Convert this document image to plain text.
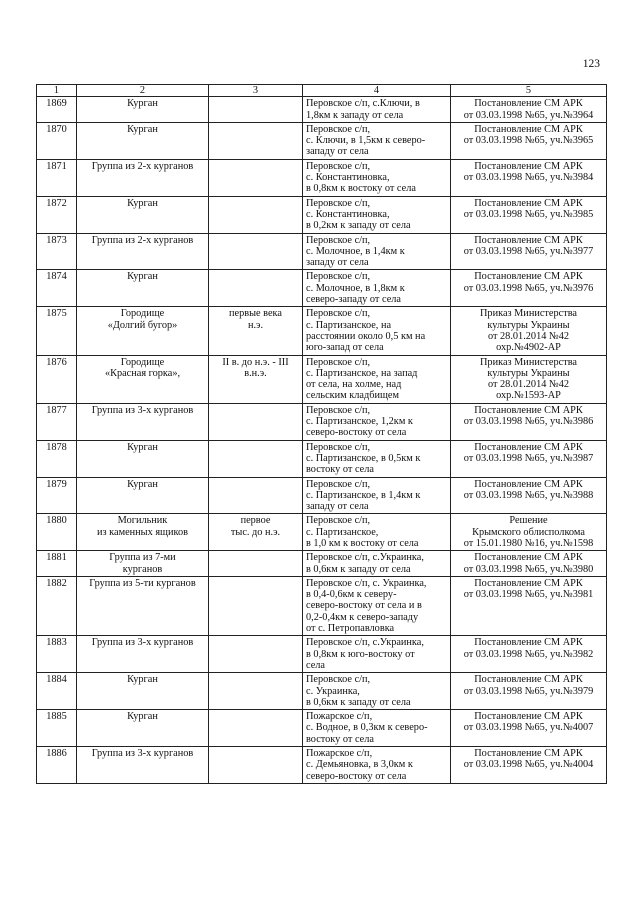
123
1	2	3	4	5
1869	Курган		Перовское с/п, с.Ключи, в
1,8км к западу от села	Постановление СМ АРК
от 03.03.1998 №65, уч.№3964

1870	Курган		Перовское с/п,
с. Ключи, в 1,5км к северо-
западу от села	Постановление СМ АРК
от 03.03.1998 №65, уч.№3965

1871	Группа из 2-х курганов		Перовское с/п,
с. Константиновка,
в 0,8км к востоку от села	Постановление СМ АРК
от 03.03.1998 №65, уч.№3984

1872	Курган		Перовское с/п,
с. Константиновка,
в 0,2км к западу от села	Постановление СМ АРК
от 03.03.1998 №65, уч.№3985

1873	Группа из 2-х курганов		Перовское с/п,
с. Молочное, в 1,4км к
западу от села	Постановление СМ АРК
от 03.03.1998 №65, уч.№3977

1874	Курган		Перовское с/п,
с. Молочное, в 1,8км к
северо-западу от села	Постановление СМ АРК
от 03.03.1998 №65, уч.№3976

1875	Городище
«Долгий бугор»	первые века
н.э.	Перовское с/п,
с. Партизанское, на
расстоянии около 0,5 км на
юго-запад от села	Приказ Министерства
культуры Украины
от 28.01.2014 №42
охр.№4902-АР

1876	Городище
«Красная горка»,	II в. до н.э. - III
в.н.э.	Перовское с/п,
с. Партизанское, на запад
от села, на холме, над
сельским кладбищем	Приказ Министерства
культуры Украины
от 28.01.2014 №42
охр.№1593-АР

1877	Группа из 3-х курганов		Перовское с/п,
с. Партизанское, 1,2км к
северо-востоку от села	Постановление СМ АРК
от 03.03.1998 №65, уч.№3986

1878	Курган		Перовское с/п,
с. Партизанское, в 0,5км к
востоку от села	Постановление СМ АРК
от 03.03.1998 №65, уч.№3987

1879	Курган		Перовское с/п,
с. Партизанское, в 1,4км к
западу от села	Постановление СМ АРК
от 03.03.1998 №65, уч.№3988

1880	Могильник
из каменных ящиков	первое
тыс. до н.э.	Перовское с/п,
с. Партизанское,
в 1,0 км к востоку от села	Решение
Крымского облисполкома
от 15.01.1980 №16, уч.№1598

1881	Группа из 7-ми
курганов		Перовское с/п, с.Украинка,
в 0,6км к западу от села	Постановление СМ АРК
от 03.03.1998 №65, уч.№3980

1882	Группа из 5-ти курганов		Перовское с/п, с. Украинка,
в 0,4-0,6км к северу-
северо-востоку от села и в
0,2-0,4км к северо-западу
от с. Петропавловка	Постановление СМ АРК
от 03.03.1998 №65, уч.№3981

1883	Группа из 3-х курганов		Перовское с/п, с.Украинка,
в 0,8км к юго-востоку от
села	Постановление СМ АРК
от 03.03.1998 №65, уч.№3982

1884	Курган		Перовское с/п,
с. Украинка,
в 0,6км к западу от села	Постановление СМ АРК
от 03.03.1998 №65, уч.№3979

1885	Курган		Пожарское с/п,
с. Водное, в 0,3км к северо-
востоку от села	Постановление СМ АРК
от 03.03.1998 №65, уч.№4007

1886	Группа из 3-х курганов		Пожарское с/п,
с. Демьяновка, в 3,0км к
северо-востоку от села	Постановление СМ АРК
от 03.03.1998 №65, уч.№4004
